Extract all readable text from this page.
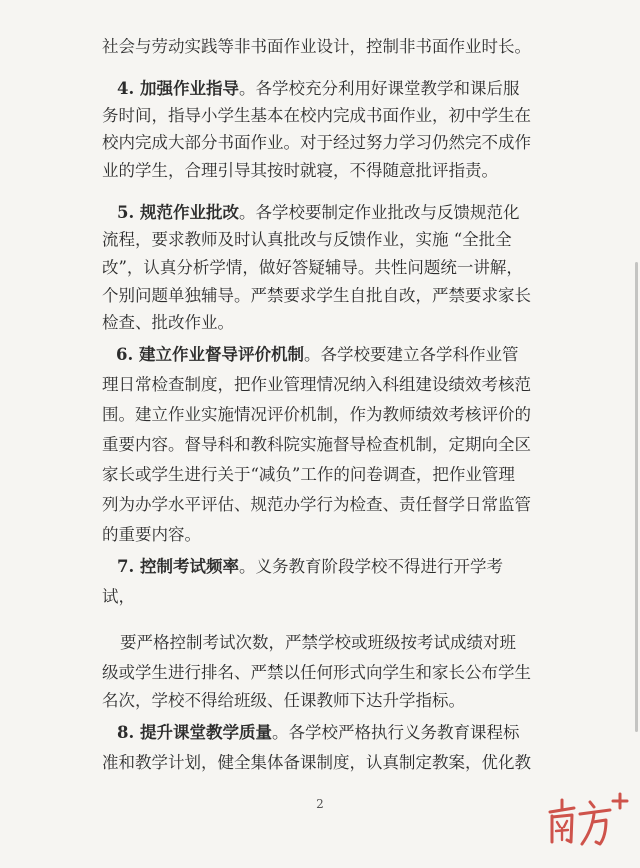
社会与劳动实践等非书面作业设计，控制非书面作业时长。
4. 加强作业指导。各学校充分利用好课堂教学和课后服
务时间，指导小学生基本在校内完成书面作业，初中学生在
校内完成大部分书面作业。对于经过努力学习仍然完不成作
业的学生，合理引导其按时就寝，不得随意批评指责。
5. 规范作业批改。各学校要制定作业批改与反馈规范化
流程，要求教师及时认真批改与反馈作业，实施 “全批全
改”，认真分析学情，做好答疑辅导。共性问题统一讲解，
个别问题单独辅导。严禁要求学生自批自改，严禁要求家长
检查、批改作业。
6. 建立作业督导评价机制。各学校要建立各学科作业管
理日常检查制度，把作业管理情况纳入科组建设绩效考核范
围。建立作业实施情况评价机制，作为教师绩效考核评价的
重要内容。督导科和教科院实施督导检查机制，定期向全区
家长或学生进行关于“减负”工作的问卷调查，把作业管理
列为办学水平评估、规范办学行为检查、责任督学日常监管
的重要内容。
7. 控制考试频率。义务教育阶段学校不得进行开学考
试，
要严格控制考试次数，严禁学校或班级按考试成绩对班
级或学生进行排名、严禁以任何形式向学生和家长公布学生
名次，学校不得给班级、任课教师下达升学指标。
8. 提升课堂教学质量。各学校严格执行义务教育课程标
准和教学计划，健全集体备课制度，认真制定教案，优化教
2
